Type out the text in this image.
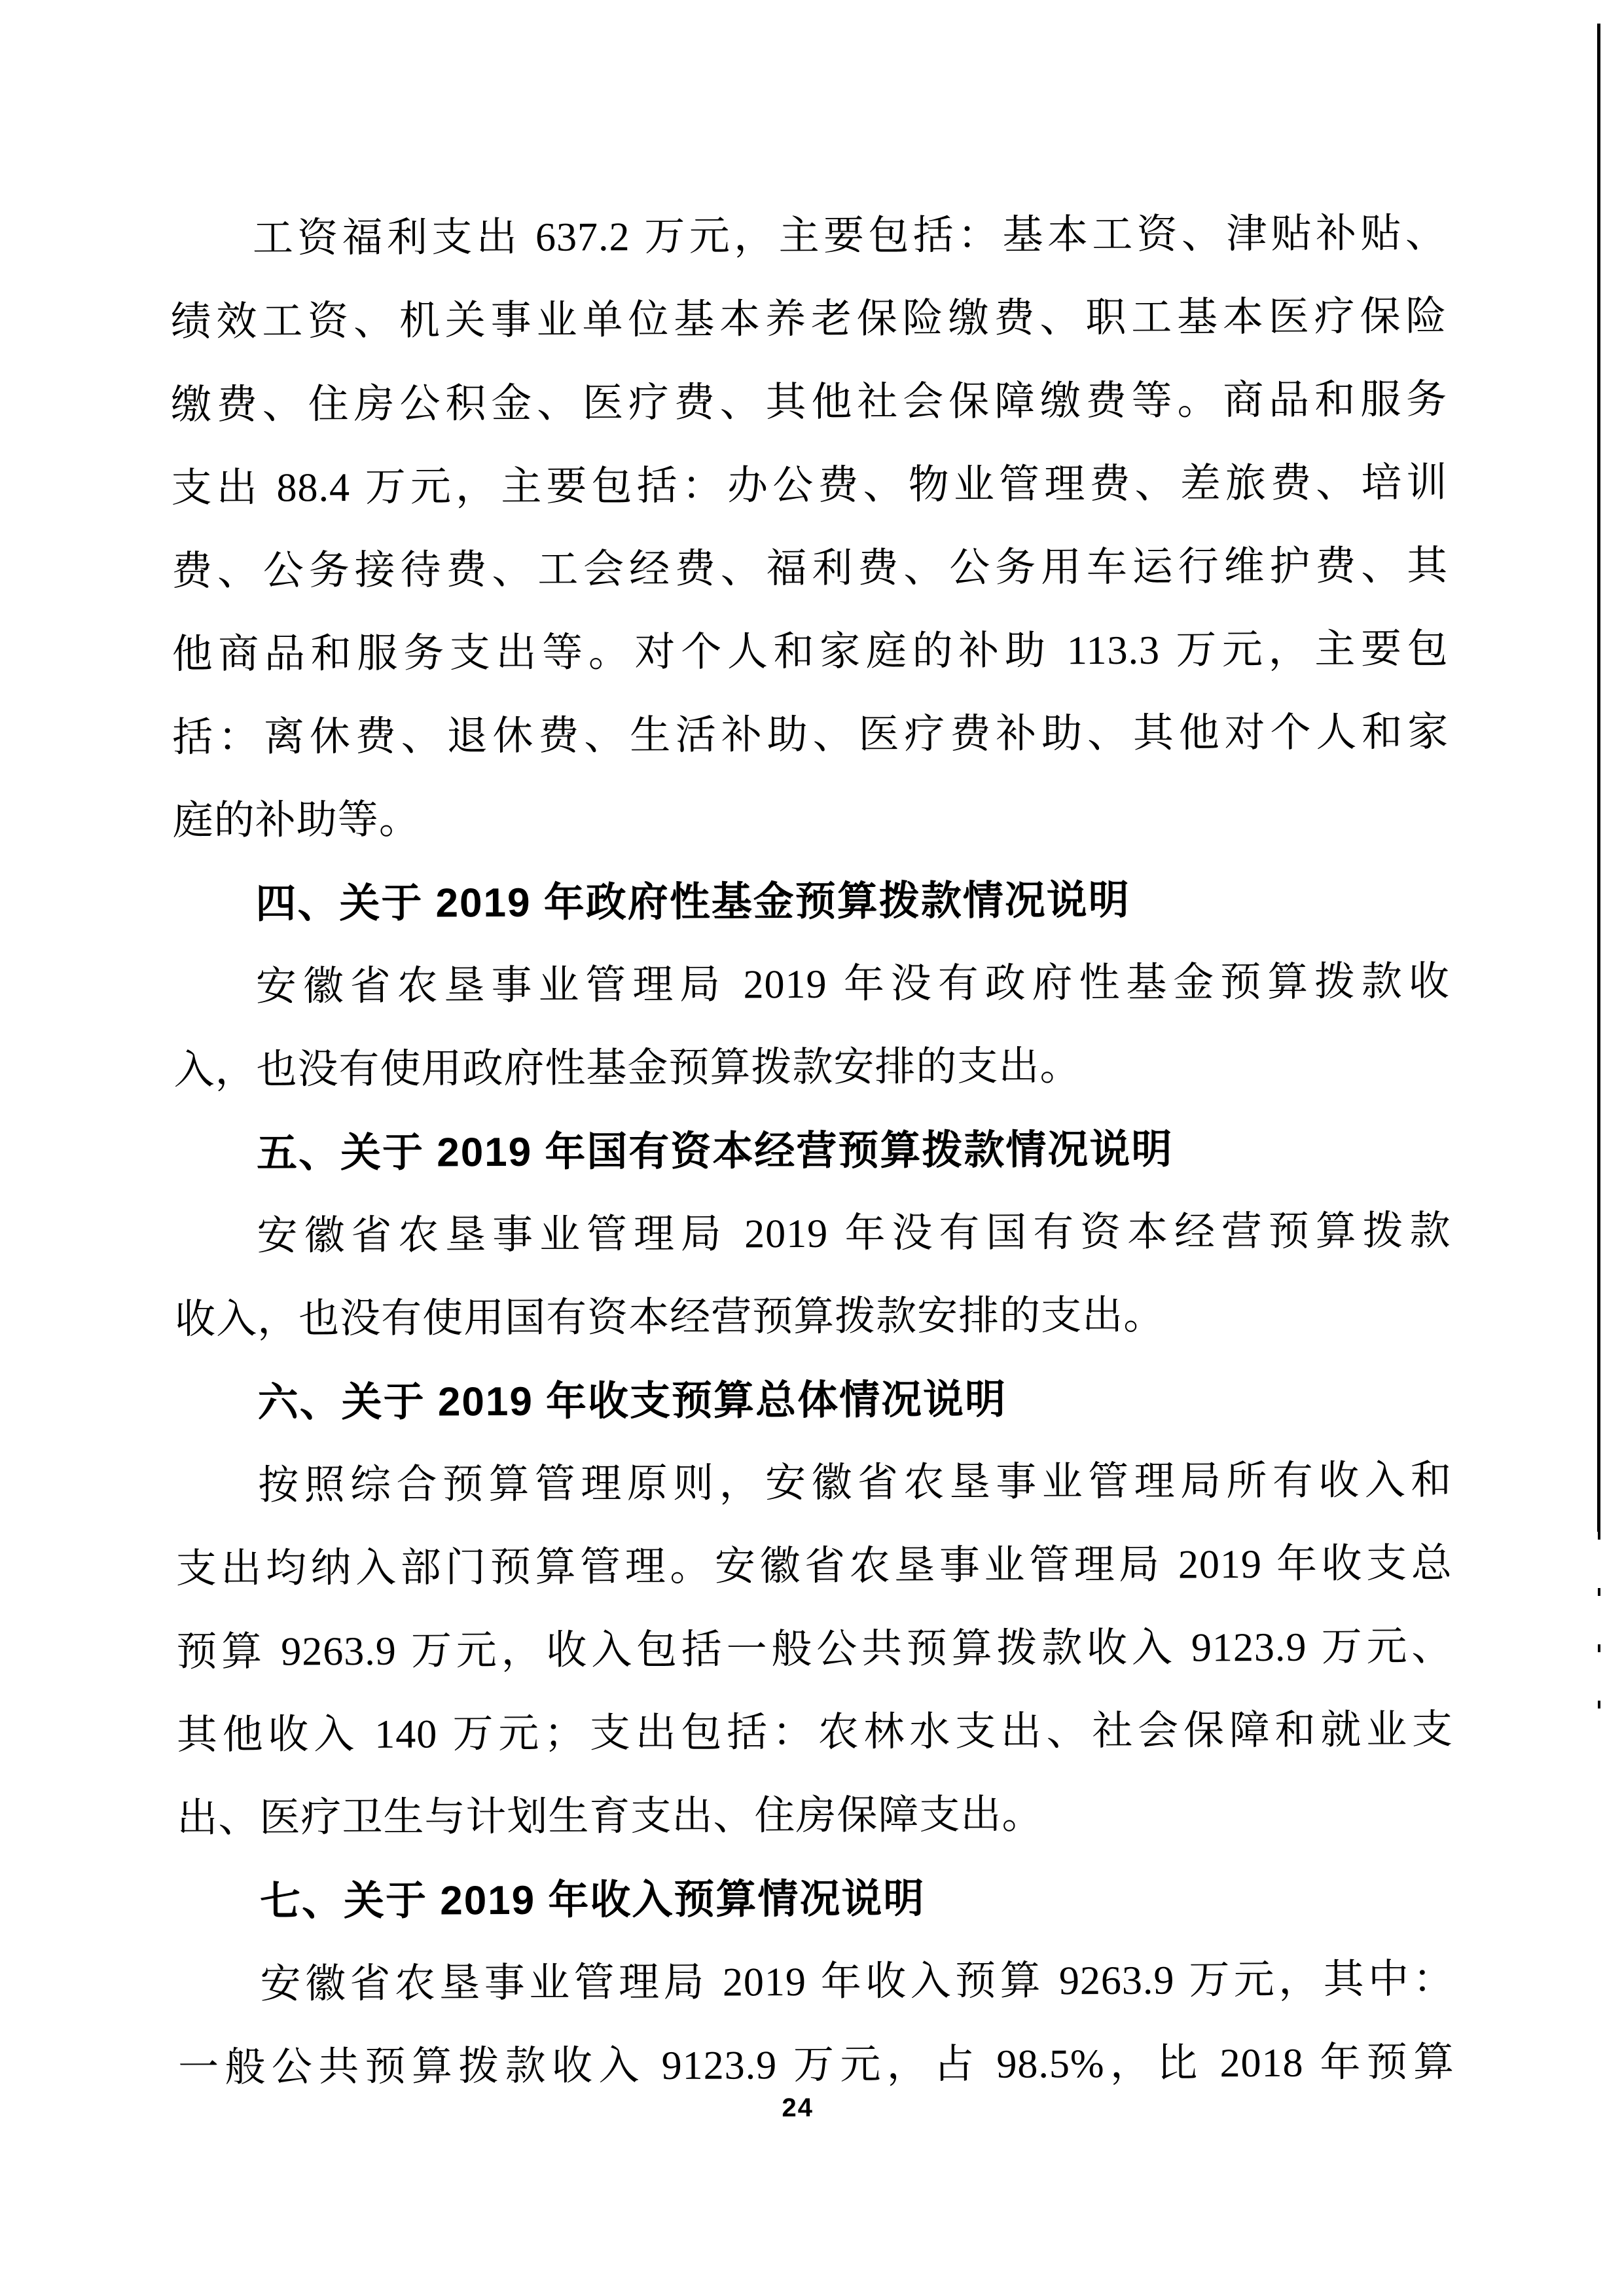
工资福利支出 637.2 万元，主要包括：基本工资、津贴补贴、
绩效工资、机关事业单位基本养老保险缴费、职工基本医疗保险
缴费、住房公积金、医疗费、其他社会保障缴费等。商品和服务
支出 88.4 万元，主要包括：办公费、物业管理费、差旅费、培训
费、公务接待费、工会经费、福利费、公务用车运行维护费、其
他商品和服务支出等。对个人和家庭的补助 113.3 万元，主要包
括：离休费、退休费、生活补助、医疗费补助、其他对个人和家
庭的补助等。
四、关于 2019 年政府性基金预算拨款情况说明
安徽省农垦事业管理局 2019 年没有政府性基金预算拨款收
入，也没有使用政府性基金预算拨款安排的支出。
五、关于 2019 年国有资本经营预算拨款情况说明
安徽省农垦事业管理局 2019 年没有国有资本经营预算拨款
收入，也没有使用国有资本经营预算拨款安排的支出。
六、关于 2019 年收支预算总体情况说明
按照综合预算管理原则，安徽省农垦事业管理局所有收入和
支出均纳入部门预算管理。安徽省农垦事业管理局 2019 年收支总
预算 9263.9 万元，收入包括一般公共预算拨款收入 9123.9 万元、
其他收入 140 万元；支出包括：农林水支出、社会保障和就业支
出、医疗卫生与计划生育支出、住房保障支出。
七、关于 2019 年收入预算情况说明
安徽省农垦事业管理局 2019 年收入预算 9263.9 万元，其中：
一般公共预算拨款收入 9123.9 万元，占 98.5%，比 2018 年预算
24
